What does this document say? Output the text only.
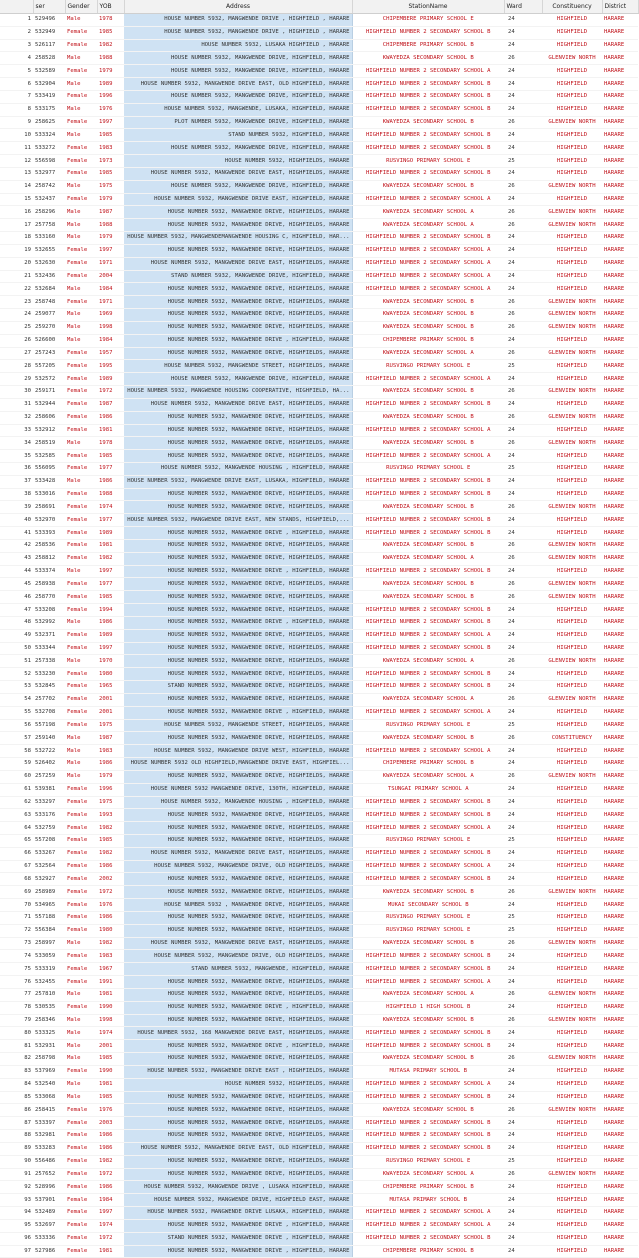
	ser	Gender	YOB	Address	StationName	Ward	Constituency	District
1	529496	Male	1978	HOUSE NUMBER 5932, MANGWENDE DRIVE , HIGHFIELD , HARARE	CHIPEMBERE PRIMARY SCHOOL E	24	HIGHFIELD	HARARE
2	532949	Female	1985	HOUSE NUMBER 5932, MANGWENDE DRIVE , HIGHFIELD , HARARE	HIGHFIELD NUMBER 2 SECONDARY SCHOOL B	24	HIGHFIELD	HARARE
3	526117	Female	1982	HOUSE NUMBER 5932, LUSAKA HIGHFIELD , HARARE	CHIPEMBERE PRIMARY SCHOOL B	24	HIGHFIELD	HARARE
4	258528	Male	1988	HOUSE NUMBER 5932, MANGWENDE DRIVE, HIGHFIELD, HARARE	KWAYEDZA SECONDARY SCHOOL B	26	GLENVIEW NORTH	HARARE
5	532589	Female	1979	HOUSE NUMBER 5932, MANGWENDE DRIVE, HIGHFIELD, HARARE	HIGHFIELD NUMBER 2 SECONDARY SCHOOL A	24	HIGHFIELD	HARARE
6	532904	Male	1989	HOUSE NUMBER 5932, MANGWENDE DRIVE EAST, OLD HIGHFIELD, HARARE	HIGHFIELD NUMBER 2 SECONDARY SCHOOL B	24	HIGHFIELD	HARARE
7	533419	Female	1996	HOUSE NUMBER 5932, MANGWENDE DRIVE, HIGHFIELD, HARARE	HIGHFIELD NUMBER 2 SECONDARY SCHOOL B	24	HIGHFIELD	HARARE
8	533175	Male	1976	HOUSE NUMBER 5932, MANGWENDE, LUSAKA, HIGHFIELD, HARARE	HIGHFIELD NUMBER 2 SECONDARY SCHOOL B	24	HIGHFIELD	HARARE
9	258625	Female	1997	PLOT NUMBER 5932, MANGWENDE DRIVE, HIGHFIELD, HARARE	KWAYEDZA SECONDARY SCHOOL B	26	GLENVIEW NORTH	HARARE
10	533324	Male	1985	STAND NUMBER 5932, HIGHFIELD, HARARE	HIGHFIELD NUMBER 2 SECONDARY SCHOOL B	24	HIGHFIELD	HARARE
11	533272	Female	1983	HOUSE NUMBER 5932, MANGWENDE DRIVE, HIGHFIELD, HARARE	HIGHFIELD NUMBER 2 SECONDARY SCHOOL B	24	HIGHFIELD	HARARE
12	556598	Female	1973	HOUSE NUMBER 5932, HIGHFIELDS, HARARE	RUSVINGO PRIMARY SCHOOL E	25	HIGHFIELD	HARARE
13	532977	Female	1985	HOUSE NUMBER 5932, MANGWENDE DRIVE EAST, HIGHFIELDS, HARARE	HIGHFIELD NUMBER 2 SECONDARY SCHOOL B	24	HIGHFIELD	HARARE
14	258742	Male	1975	HOUSE NUMBER 5932, MANGWENDE DRIVE, HIGHFIELD, HARARE	KWAYEDZA SECONDARY SCHOOL B	26	GLENVIEW NORTH	HARARE
15	532437	Female	1979	HOUSE NUMBER 5932, MANGWENDE DRIVE EAST, HIGHFIELD, HARARE	HIGHFIELD NUMBER 2 SECONDARY SCHOOL A	24	HIGHFIELD	HARARE
16	258296	Male	1987	HOUSE NUMBER 5932, MANGWENDE DRIVE, HIGHFIELDS, HARARE	KWAYEDZA SECONDARY SCHOOL A	26	GLENVIEW NORTH	HARARE
17	257758	Male	1988	HOUSE NUMBER 5932, MANGWENDE DRIVE, HIGHFIELDS, HARARE	KWAYEDZA SECONDARY SCHOOL A	26	GLENVIEW NORTH	HARARE
18	533160	Male	1979	HOUSE NUMBER 5932, MANGWENDEMANGWENDE HOUSING C, HIGHFIELD, HAR...	HIGHFIELD NUMBER 2 SECONDARY SCHOOL B	24	HIGHFIELD	HARARE
19	532655	Female	1997	HOUSE NUMBER 5932, MANGWENDE DRIVE, HIGHFIELDS, HARARE	HIGHFIELD NUMBER 2 SECONDARY SCHOOL A	24	HIGHFIELD	HARARE
20	532630	Female	1971	HOUSE NUMBER 5932, MANGWENDE DRIVE EAST, HIGHFIELDS, HARARE	HIGHFIELD NUMBER 2 SECONDARY SCHOOL A	24	HIGHFIELD	HARARE
21	532436	Female	2004	STAND NUMBER 5932, MANGWENDE DRIVE, HIGHFIELD, HARARE	HIGHFIELD NUMBER 2 SECONDARY SCHOOL A	24	HIGHFIELD	HARARE
22	532684	Male	1984	HOUSE NUMBER 5932, MANGWENDE DRIVE, HIGHFIELDS, HARARE	HIGHFIELD NUMBER 2 SECONDARY SCHOOL A	24	HIGHFIELD	HARARE
23	258748	Female	1971	HOUSE NUMBER 5932, MANGWENDE DRIVE, HIGHFIELDS, HARARE	KWAYEDZA SECONDARY SCHOOL B	26	GLENVIEW NORTH	HARARE
24	259077	Male	1969	HOUSE NUMBER 5932, MANGWENDE DRIVE, HIGHFIELDS, HARARE	KWAYEDZA SECONDARY SCHOOL B	26	GLENVIEW NORTH	HARARE
25	259270	Male	1998	HOUSE NUMBER 5932, MANGWENDE DRIVE, HIGHFIELDS, HARARE	KWAYEDZA SECONDARY SCHOOL B	26	GLENVIEW NORTH	HARARE
26	526600	Male	1984	HOUSE NUMBER 5932, MANGWENDE DRIVE , HIGHFIELD, HARARE	CHIPEMBERE PRIMARY SCHOOL B	24	HIGHFIELD	HARARE
27	257243	Female	1957	HOUSE NUMBER 5932, MANGWENDE DRIVE, HIGHFIELDS, HARARE	KWAYEDZA SECONDARY SCHOOL A	26	GLENVIEW NORTH	HARARE
28	557205	Female	1995	HOUSE NUMBER 5932, MANGWENDE STREET, HIGHFIELDS, HARARE	RUSVINGO PRIMARY SCHOOL E	25	HIGHFIELD	HARARE
29	532572	Female	1989	HOUSE NUMBER 5932, MANGWENDE DRIVE, HIGHFIELD, HARARE	HIGHFIELD NUMBER 2 SECONDARY SCHOOL A	24	HIGHFIELD	HARARE
30	259171	Female	1972	HOUSE NUMBER 5932, MANGWENDE HOUSING COOPERATIVE, HIGHFIELD, HA...	KWAYEDZA SECONDARY SCHOOL B	26	GLENVIEW NORTH	HARARE
31	532944	Female	1987	HOUSE NUMBER 5932, MANGWENDE DRIVE EAST, HIGHFIELDS, HARARE	HIGHFIELD NUMBER 2 SECONDARY SCHOOL B	24	HIGHFIELD	HARARE
32	258606	Female	1986	HOUSE NUMBER 5932, MANGWENDE DRIVE, HIGHFIELDS, HARARE	KWAYEDZA SECONDARY SCHOOL B	26	GLENVIEW NORTH	HARARE
33	532912	Female	1981	HOUSE NUMBER 5932, MANGWENDE DRIVE, HIGHFIELDS, HARARE	HIGHFIELD NUMBER 2 SECONDARY SCHOOL A	24	HIGHFIELD	HARARE
34	258519	Male	1978	HOUSE NUMBER 5932, MANGWENDE DRIVE, HIGHFIELDS, HARARE	KWAYEDZA SECONDARY SCHOOL B	26	GLENVIEW NORTH	HARARE
35	532585	Female	1985	HOUSE NUMBER 5932, MANGWENDE DRIVE, HIGHFIELDS, HARARE	HIGHFIELD NUMBER 2 SECONDARY SCHOOL A	24	HIGHFIELD	HARARE
36	556095	Female	1977	HOUSE NUMBER 5932, MANGWENDE HOUSING , HIGHFIELD, HARARE	RUSVINGO PRIMARY SCHOOL E	25	HIGHFIELD	HARARE
37	533428	Male	1986	HOUSE NUMBER 5932, MANGWENDE DRIVE EAST, LUSAKA, HIGHFIELD, HARARE	HIGHFIELD NUMBER 2 SECONDARY SCHOOL B	24	HIGHFIELD	HARARE
38	533016	Female	1988	HOUSE NUMBER 5932, MANGWENDE DRIVE, HIGHFIELDS, HARARE	HIGHFIELD NUMBER 2 SECONDARY SCHOOL B	24	HIGHFIELD	HARARE
39	258691	Female	1974	HOUSE NUMBER 5932, MANGWENDE DRIVE, HIGHFIELDS, HARARE	KWAYEDZA SECONDARY SCHOOL B	26	GLENVIEW NORTH	HARARE
40	532970	Female	1977	HOUSE NUMBER 5932, MANGWENDE DRIVE EAST, NEW STANDS, HIGHFIELD,...	HIGHFIELD NUMBER 2 SECONDARY SCHOOL B	24	HIGHFIELD	HARARE
41	533393	Female	1989	HOUSE NUMBER 5932, MANGWENDE DRIVE , HIGHFIELD, HARARE	HIGHFIELD NUMBER 2 SECONDARY SCHOOL B	24	HIGHFIELD	HARARE
42	258536	Female	1981	HOUSE NUMBER 5932, MANGWENDE DRIVE, HIGHFIELDS, HARARE	KWAYEDZA SECONDARY SCHOOL B	26	GLENVIEW NORTH	HARARE
43	258812	Female	1982	HOUSE NUMBER 5932, MANGWENDE DRIVE, HIGHFIELDS, HARARE	KWAYEDZA SECONDARY SCHOOL A	26	GLENVIEW NORTH	HARARE
44	533374	Male	1997	HOUSE NUMBER 5932, MANGWENDE DRIVE , HIGHFIELD, HARARE	HIGHFIELD NUMBER 2 SECONDARY SCHOOL B	24	HIGHFIELD	HARARE
45	258938	Female	1977	HOUSE NUMBER 5932, MANGWENDE DRIVE, HIGHFIELDS, HARARE	KWAYEDZA SECONDARY SCHOOL B	26	GLENVIEW NORTH	HARARE
46	258770	Female	1985	HOUSE NUMBER 5932, MANGWENDE DRIVE, HIGHFIELDS, HARARE	KWAYEDZA SECONDARY SCHOOL B	26	GLENVIEW NORTH	HARARE
47	533208	Female	1994	HOUSE NUMBER 5932, MANGWENDE DRIVE, HIGHFIELDS, HARARE	HIGHFIELD NUMBER 2 SECONDARY SCHOOL B	24	HIGHFIELD	HARARE
48	532992	Male	1986	HOUSE NUMBER 5932, MANGWENDE DRIVE , HIGHFIELD, HARARE	HIGHFIELD NUMBER 2 SECONDARY SCHOOL B	24	HIGHFIELD	HARARE
49	532371	Female	1989	HOUSE NUMBER 5932, MANGWENDE DRIVE, HIGHFIELDS, HARARE	HIGHFIELD NUMBER 2 SECONDARY SCHOOL A	24	HIGHFIELD	HARARE
50	533344	Female	1997	HOUSE NUMBER 5932, MANGWENDE DRIVE, HIGHFIELDS, HARARE	HIGHFIELD NUMBER 2 SECONDARY SCHOOL B	24	HIGHFIELD	HARARE
51	257338	Male	1970	HOUSE NUMBER 5932, MANGWENDE DRIVE, HIGHFIELDS, HARARE	KWAYEDZA SECONDARY SCHOOL A	26	GLENVIEW NORTH	HARARE
52	533230	Female	1980	HOUSE NUMBER 5932, MANGWENDE DRIVE, HIGHFIELDS, HARARE	HIGHFIELD NUMBER 2 SECONDARY SCHOOL B	24	HIGHFIELD	HARARE
53	532845	Female	1965	STAND NUMBER 5932, MANGWENDE DRIVE, HIGHFIELDS, HARARE	HIGHFIELD NUMBER 2 SECONDARY SCHOOL B	24	HIGHFIELD	HARARE
54	257702	Female	2001	HOUSE NUMBER 5932, MANGWENDE DRIVE, HIGHFIELDS, HARARE	KWAYEDZA SECONDARY SCHOOL A	26	GLENVIEW NORTH	HARARE
55	532708	Female	2001	HOUSE NUMBER 5932, MANGWENDE DRIVE , HIGHFIELD, HARARE	HIGHFIELD NUMBER 2 SECONDARY SCHOOL A	24	HIGHFIELD	HARARE
56	557198	Female	1975	HOUSE NUMBER 5932, MANGWENDE STREET, HIGHFIELDS, HARARE	RUSVINGO PRIMARY SCHOOL E	25	HIGHFIELD	HARARE
57	259140	Male	1987	HOUSE NUMBER 5932, MANGWENDE DRIVE, HIGHFIELDS, HARARE	KWAYEDZA SECONDARY SCHOOL B	26	CONSTITUENCY	HARARE
58	532722	Male	1983	HOUSE NUMBER 5932, MANGWENDE DRIVE WEST, HIGHFIELD, HARARE	HIGHFIELD NUMBER 2 SECONDARY SCHOOL A	24	HIGHFIELD	HARARE
59	526402	Male	1986	HOUSE NUMBER 5932 OLD HIGHFIELD,MANGWENDE DRIVE EAST, HIGHFIEL...	CHIPEMBERE PRIMARY SCHOOL B	24	HIGHFIELD	HARARE
60	257259	Male	1979	HOUSE NUMBER 5932, MANGWENDE DRIVE, HIGHFIELDS, HARARE	KWAYEDZA SECONDARY SCHOOL A	26	GLENVIEW NORTH	HARARE
61	539381	Female	1996	HOUSE NUMBER 5932 MANGWENDE DRIVE, 130TH, HIGHFIELD, HARARE	TSUNGAI PRIMARY SCHOOL A	24	HIGHFIELD	HARARE
62	533297	Female	1975	HOUSE NUMBER 5932, MANGWENDE HOUSING , HIGHFIELD, HARARE	HIGHFIELD NUMBER 2 SECONDARY SCHOOL B	24	HIGHFIELD	HARARE
63	533176	Female	1993	HOUSE NUMBER 5932, MANGWENDE DRIVE, HIGHFIELDS, HARARE	HIGHFIELD NUMBER 2 SECONDARY SCHOOL B	24	HIGHFIELD	HARARE
64	532759	Female	1982	HOUSE NUMBER 5932, MANGWENDE DRIVE, HIGHFIELDS, HARARE	HIGHFIELD NUMBER 2 SECONDARY SCHOOL A	24	HIGHFIELD	HARARE
65	557208	Female	1985	HOUSE NUMBER 5932, MANGWENDE DRIVE, HIGHFIELDS, HARARE	RUSVINGO PRIMARY SCHOOL E	25	HIGHFIELD	HARARE
66	533267	Female	1982	HOUSE NUMBER 5932, MANGWENDE DRIVE EAST, HIGHFIELDS, HARARE	HIGHFIELD NUMBER 2 SECONDARY SCHOOL B	24	HIGHFIELD	HARARE
67	532564	Female	1986	HOUSE NUMBER 5932, MANGWENDE DRIVE, OLD HIGHFIELDS, HARARE	HIGHFIELD NUMBER 2 SECONDARY SCHOOL A	24	HIGHFIELD	HARARE
68	532927	Female	2002	HOUSE NUMBER 5932, MANGWENDE DRIVE, HIGHFIELDS, HARARE	HIGHFIELD NUMBER 2 SECONDARY SCHOOL B	24	HIGHFIELD	HARARE
69	258989	Female	1972	HOUSE NUMBER 5932, MANGWENDE DRIVE, HIGHFIELDS, HARARE	KWAYEDZA SECONDARY SCHOOL B	26	GLENVIEW NORTH	HARARE
70	534965	Female	1976	HOUSE NUMBER 5932 , MANGWENDE DRIVE, HIGHFIELDS, HARARE	MUKAI SECONDARY SCHOOL B	24	HIGHFIELD	HARARE
71	557188	Female	1986	HOUSE NUMBER 5932, MANGWENDE DRIVE, HIGHFIELDS, HARARE	RUSVINGO PRIMARY SCHOOL E	25	HIGHFIELD	HARARE
72	556384	Female	1980	HOUSE NUMBER 5932, MANGWENDE DRIVE, HIGHFIELDS, HARARE	RUSVINGO PRIMARY SCHOOL E	25	HIGHFIELD	HARARE
73	258997	Male	1982	HOUSE NUMBER 5932, MANGWENDE DRIVE EAST, HIGHFIELDS, HARARE	KWAYEDZA SECONDARY SCHOOL B	26	GLENVIEW NORTH	HARARE
74	533059	Female	1983	HOUSE NUMBER 5932, MANGWENDE DRIVE, OLD HIGHFIELDS, HARARE	HIGHFIELD NUMBER 2 SECONDARY SCHOOL B	24	HIGHFIELD	HARARE
75	533319	Female	1967	STAND NUMBER 5932, MANGWENDE, HIGHFIELD, HARARE	HIGHFIELD NUMBER 2 SECONDARY SCHOOL B	24	HIGHFIELD	HARARE
76	532455	Female	1991	HOUSE NUMBER 5932, MANGWENDE DRIVE, HIGHFIELDS, HARARE	HIGHFIELD NUMBER 2 SECONDARY SCHOOL A	24	HIGHFIELD	HARARE
77	257810	Male	1981	HOUSE NUMBER 5932, MANGWENDE DRIVE, HIGHFIELDS, HARARE	KWAYEDZA SECONDARY SCHOOL A	26	GLENVIEW NORTH	HARARE
78	530535	Female	1990	HOUSE NUMBER 5932, MANGWENDE DRIVE , HIGHFIELD, HARARE	HIGHFIELD 1 HIGH SCHOOL B	24	HIGHFIELD	HARARE
79	258346	Male	1998	HOUSE NUMBER 5932, MANGWENDE DRIVE, HIGHFIELDS, HARARE	KWAYEDZA SECONDARY SCHOOL B	26	GLENVIEW NORTH	HARARE
80	533325	Male	1974	HOUSE NUMBER 5932, 168 MANGWENDE DRIVE EAST, HIGHFIELDS, HARARE	HIGHFIELD NUMBER 2 SECONDARY SCHOOL B	24	HIGHFIELD	HARARE
81	532931	Male	2001	HOUSE NUMBER 5932, MANGWENDE DRIVE , HIGHFIELD, HARARE	HIGHFIELD NUMBER 2 SECONDARY SCHOOL B	24	HIGHFIELD	HARARE
82	258798	Male	1985	HOUSE NUMBER 5932, MANGWENDE DRIVE, HIGHFIELDS, HARARE	KWAYEDZA SECONDARY SCHOOL B	26	GLENVIEW NORTH	HARARE
83	537969	Female	1990	HOUSE NUMBER 5932, MANGWENDE DRIVE EAST , HIGHFIELDS, HARARE	MUTASA PRIMARY SCHOOL B	24	HIGHFIELD	HARARE
84	532540	Male	1981	HOUSE NUMBER 5932, HIGHFIELDS, HARARE	HIGHFIELD NUMBER 2 SECONDARY SCHOOL A	24	HIGHFIELD	HARARE
85	533068	Male	1985	HOUSE NUMBER 5932, MANGWENDE DRIVE, HIGHFIELDS, HARARE	HIGHFIELD NUMBER 2 SECONDARY SCHOOL B	24	HIGHFIELD	HARARE
86	258415	Female	1976	HOUSE NUMBER 5932, MANGWENDE DRIVE, HIGHFIELDS, HARARE	KWAYEDZA SECONDARY SCHOOL B	26	GLENVIEW NORTH	HARARE
87	533397	Female	2003	HOUSE NUMBER 5932, MANGWENDE DRIVE, HIGHFIELDS, HARARE	HIGHFIELD NUMBER 2 SECONDARY SCHOOL B	24	HIGHFIELD	HARARE
88	532981	Female	1986	HOUSE NUMBER 5932, MANGWENDE DRIVE, HIGHFIELDS, HARARE	HIGHFIELD NUMBER 2 SECONDARY SCHOOL B	24	HIGHFIELD	HARARE
89	533283	Female	1986	HOUSE NUMBER 5932, MANGWENDE DRIVE EAST, OLD HIGHFIELD, HARARE	HIGHFIELD NUMBER 2 SECONDARY SCHOOL B	24	HIGHFIELD	HARARE
90	556486	Female	1982	HOUSE NUMBER 5932, MANGWENDE DRIVE, HIGHFIELDS, HARARE	RUSVINGO PRIMARY SCHOOL E	25	HIGHFIELD	HARARE
91	257652	Female	1972	HOUSE NUMBER 5932, MANGWENDE DRIVE, HIGHFIELDS, HARARE	KWAYEDZA SECONDARY SCHOOL A	26	GLENVIEW NORTH	HARARE
92	528996	Female	1986	HOUSE NUMBER 5932, MANGWENDE DRIVE , LUSAKA HIGHFIELD, HARARE	CHIPEMBERE PRIMARY SCHOOL B	24	HIGHFIELD	HARARE
93	537901	Female	1984	HOUSE NUMBER 5932, MANGWENDE DRIVE, HIGHFIELD EAST, HARARE	MUTASA PRIMARY SCHOOL B	24	HIGHFIELD	HARARE
94	532489	Female	1997	HOUSE NUMBER 5932, MANGWENDE DRIVE LUSAKA, HIGHFIELD, HARARE	HIGHFIELD NUMBER 2 SECONDARY SCHOOL A	24	HIGHFIELD	HARARE
95	532697	Female	1974	HOUSE NUMBER 5932, MANGWENDE DRIVE , HIGHFIELD, HARARE	HIGHFIELD NUMBER 2 SECONDARY SCHOOL A	24	HIGHFIELD	HARARE
96	533336	Female	1972	STAND NUMBER 5932, MANGWENDE DRIVE , HIGHFIELD, HARARE	HIGHFIELD NUMBER 2 SECONDARY SCHOOL B	24	HIGHFIELD	HARARE
97	527986	Female	1981	HOUSE NUMBER 5932, MANGWENDE DRIVE , HIGHFIELD, HARARE	CHIPEMBERE PRIMARY SCHOOL B	24	HIGHFIELD	HARARE
